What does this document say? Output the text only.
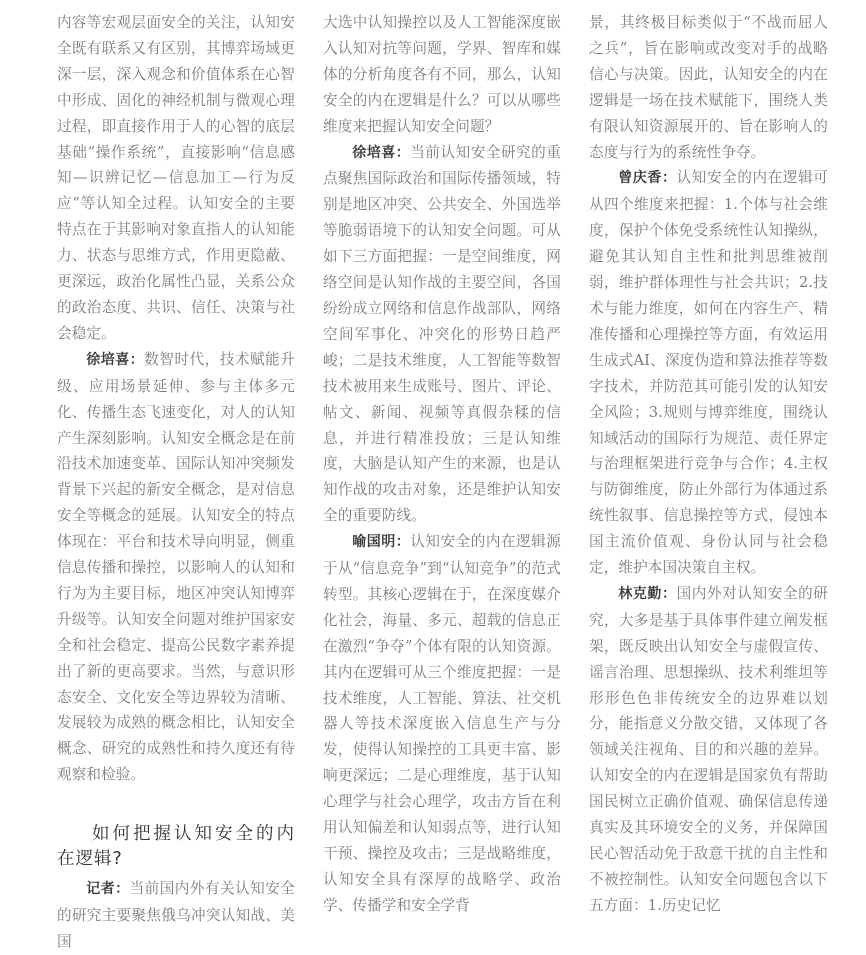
内容等宏观层面安全的关注，认知安全既有联系又有区别，其博弈场域更深一层，深入观念和价值体系在心智中形成、固化的神经机制与微观心理过程，即直接作用于人的心智的底层基础“操作系统”，直接影响“信息感知—识辨记忆—信息加工—行为反应”等认知全过程。认知安全的主要特点在于其影响对象直指人的认知能力、状态与思维方式，作用更隐蔽、更深远，政治化属性凸显，关系公众的政治态度、共识、信任、决策与社会稳定。

徐培喜：数智时代，技术赋能升级、应用场景延伸、参与主体多元化、传播生态飞速变化，对人的认知产生深刻影响。认知安全概念是在前沿技术加速变革、国际认知冲突频发背景下兴起的新安全概念，是对信息安全等概念的延展。认知安全的特点体现在：平台和技术导向明显，侧重信息传播和操控，以影响人的认知和行为为主要目标，地区冲突认知博弈升级等。认知安全问题对维护国家安全和社会稳定、提高公民数字素养提出了新的更高要求。当然，与意识形态安全、文化安全等边界较为清晰、发展较为成熟的概念相比，认知安全概念、研究的成熟性和持久度还有待观察和检验。

如何把握认知安全的内在逻辑?

记者：当前国内外有关认知安全的研究主要聚焦俄乌冲突认知战、美国

大选中认知操控以及人工智能深度嵌入认知对抗等问题，学界、智库和媒体的分析角度各有不同，那么，认知安全的内在逻辑是什么？可以从哪些维度来把握认知安全问题？

徐培喜：当前认知安全研究的重点聚焦国际政治和国际传播领域，特别是地区冲突、公共安全、外国选举等脆弱语境下的认知安全问题。可从如下三方面把握：一是空间维度，网络空间是认知作战的主要空间，各国纷纷成立网络和信息作战部队，网络空间军事化、冲突化的形势日趋严峻；二是技术维度，人工智能等数智技术被用来生成账号、图片、评论、帖文、新闻、视频等真假杂糅的信息，并进行精准投放；三是认知维度，大脑是认知产生的来源，也是认知作战的攻击对象，还是维护认知安全的重要防线。

喻国明：认知安全的内在逻辑源于从“信息竞争”到“认知竞争”的范式转型。其核心逻辑在于，在深度媒介化社会，海量、多元、超载的信息正在激烈“争夺”个体有限的认知资源。其内在逻辑可从三个维度把握：一是技术维度，人工智能、算法、社交机器人等技术深度嵌入信息生产与分发，使得认知操控的工具更丰富、影响更深远；二是心理维度，基于认知心理学与社会心理学，攻击方旨在利用认知偏差和认知弱点等，进行认知干预、操控及攻击；三是战略维度，认知安全具有深厚的战略学、政治学、传播学和安全学背

景，其终极目标类似于“不战而屈人之兵”，旨在影响或改变对手的战略信心与决策。因此，认知安全的内在逻辑是一场在技术赋能下，围绕人类有限认知资源展开的、旨在影响人的态度与行为的系统性争夺。

曾庆香：认知安全的内在逻辑可从四个维度来把握：1.个体与社会维度，保护个体免受系统性认知操纵，避免其认知自主性和批判思维被削弱，维护群体理性与社会共识；2.技术与能力维度，如何在内容生产、精准传播和心理操控等方面，有效运用生成式AI、深度伪造和算法推荐等数字技术，并防范其可能引发的认知安全风险；3.规则与博弈维度，围绕认知域活动的国际行为规范、责任界定与治理框架进行竞争与合作；4.主权与防御维度，防止外部行为体通过系统性叙事、信息操控等方式，侵蚀本国主流价值观、身份认同与社会稳定，维护本国决策自主权。

林克勤：国内外对认知安全的研究，大多是基于具体事件建立阐发框架，既反映出认知安全与虚假宣传、谣言治理、思想操纵、技术利维坦等形形色色非传统安全的边界难以划分，能指意义分散交错，又体现了各领域关注视角、目的和兴趣的差异。认知安全的内在逻辑是国家负有帮助国民树立正确价值观、确保信息传递真实及其环境安全的义务，并保障国民心智活动免于敌意干扰的自主性和不被控制性。认知安全问题包含以下五方面：1.历史记忆
